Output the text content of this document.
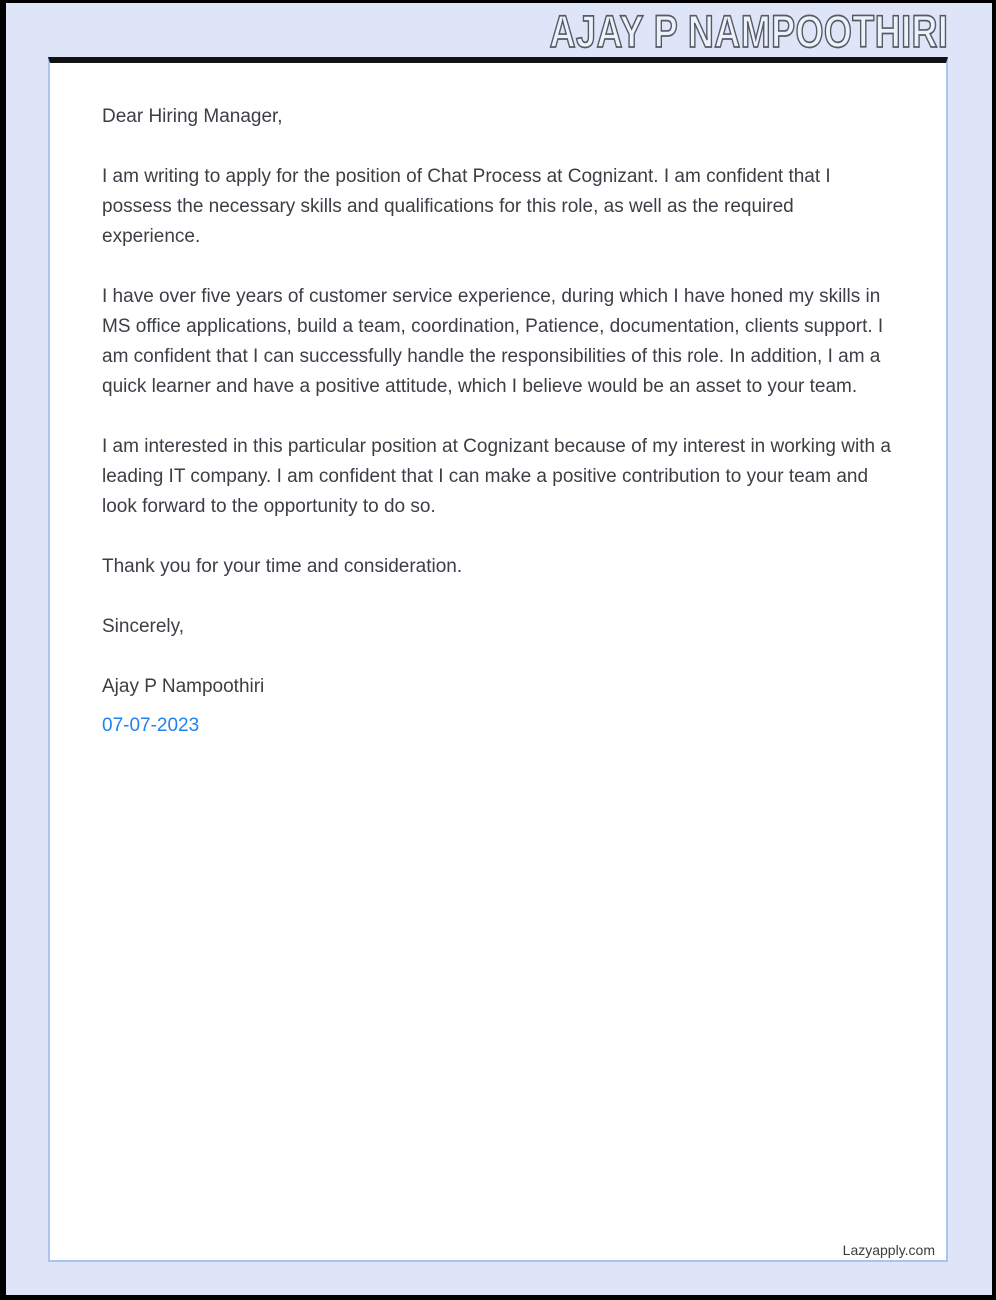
AJAY P NAMPOOTHIRI

Dear Hiring Manager,

I am writing to apply for the position of Chat Process at Cognizant. I am confident that I possess the necessary skills and qualifications for this role, as well as the required experience.

I have over five years of customer service experience, during which I have honed my skills in MS office applications, build a team, coordination, Patience, documentation, clients support. I am confident that I can successfully handle the responsibilities of this role. In addition, I am a quick learner and have a positive attitude, which I believe would be an asset to your team.

I am interested in this particular position at Cognizant because of my interest in working with a leading IT company. I am confident that I can make a positive contribution to your team and look forward to the opportunity to do so.

Thank you for your time and consideration.

Sincerely,

Ajay P Nampoothiri

07-07-2023

Lazyapply.com
